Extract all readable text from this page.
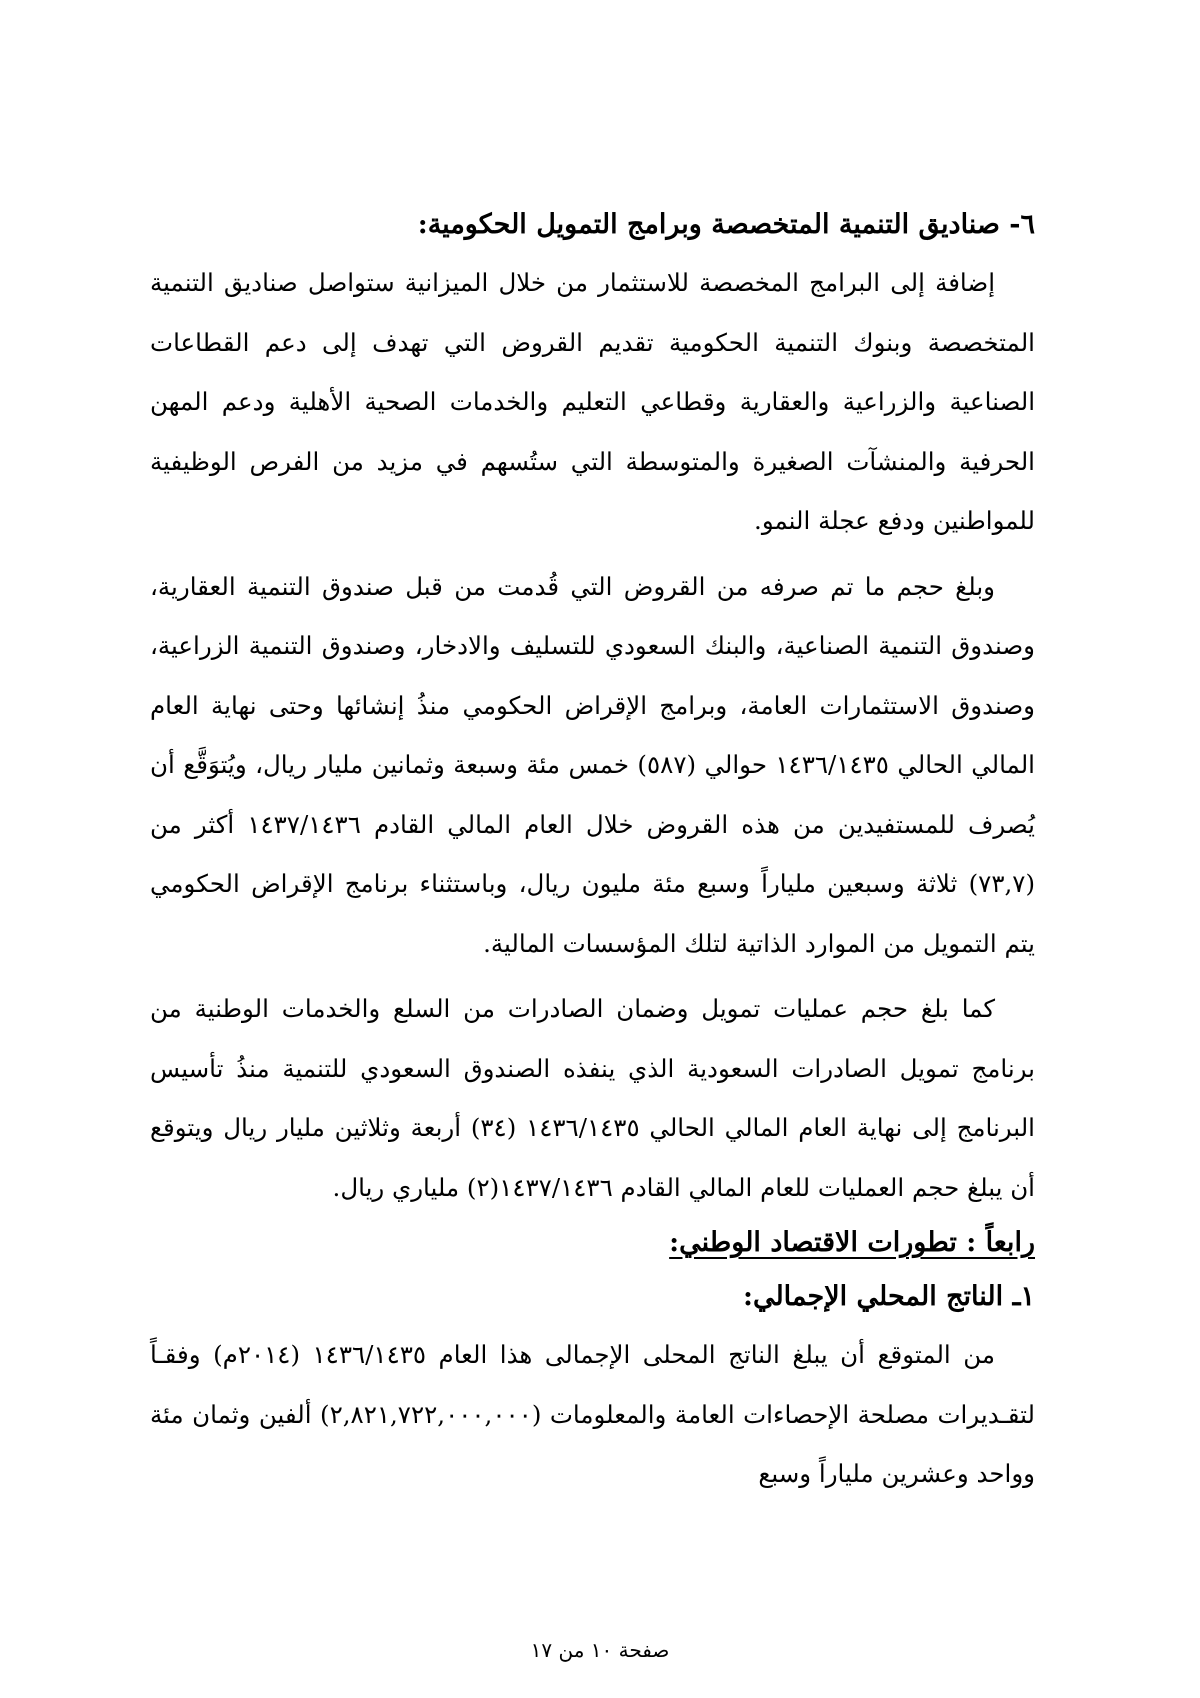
٦- صناديق التنمية المتخصصة وبرامج التمويل الحكومية:

إضافة إلى البرامج المخصصة للاستثمار من خلال الميزانية ستواصل صناديق التنمية المتخصصة وبنوك التنمية الحكومية تقديم القروض التي تهدف إلى دعم القطاعات الصناعية والزراعية والعقارية وقطاعي التعليم والخدمات الصحية الأهلية ودعم المهن الحرفية والمنشآت الصغيرة والمتوسطة التي ستُسهم في مزيد من الفرص الوظيفية للمواطنين ودفع عجلة النمو.

وبلغ حجم ما تم صرفه من القروض التي قُدمت من قبل صندوق التنمية العقارية، وصندوق التنمية الصناعية، والبنك السعودي للتسليف والادخار، وصندوق التنمية الزراعية، وصندوق الاستثمارات العامة، وبرامج الإقراض الحكومي منذُ إنشائها وحتى نهاية العام المالي الحالي ١٤٣٦/١٤٣٥ حوالي (٥٨٧) خمس مئة وسبعة وثمانين مليار ريال، ويُتوَقَّع أن يُصرف للمستفيدين من هذه القروض خلال العام المالي القادم ١٤٣٧/١٤٣٦ أكثر من (٧٣,٧) ثلاثة وسبعين ملياراً وسبع مئة مليون ريال، وباستثناء برنامج الإقراض الحكومي يتم التمويل من الموارد الذاتية لتلك المؤسسات المالية.

كما بلغ حجم عمليات تمويل وضمان الصادرات من السلع والخدمات الوطنية من برنامج تمويل الصادرات السعودية الذي ينفذه الصندوق السعودي للتنمية منذُ تأسيس البرنامج إلى نهاية العام المالي الحالي ١٤٣٦/١٤٣٥ (٣٤) أربعة وثلاثين مليار ريال ويتوقع أن يبلغ حجم العمليات للعام المالي القادم ١٤٣٧/١٤٣٦(٢) ملياري ريال.

رابعاً : تطورات الاقتصاد الوطني:
١ـ الناتج المحلي الإجمالي:

من المتوقع أن يبلغ الناتج المحلى الإجمالى هذا العام ١٤٣٦/١٤٣٥ (٢٠١٤م) وفقـاً لتقـديرات مصلحة الإحصاءات العامة والمعلومات (٢,٨٢١,٧٢٢,٠٠٠,٠٠٠) ألفين وثمان مئة وواحد وعشرين ملياراً وسبع

صفحة ١٠ من ١٧
